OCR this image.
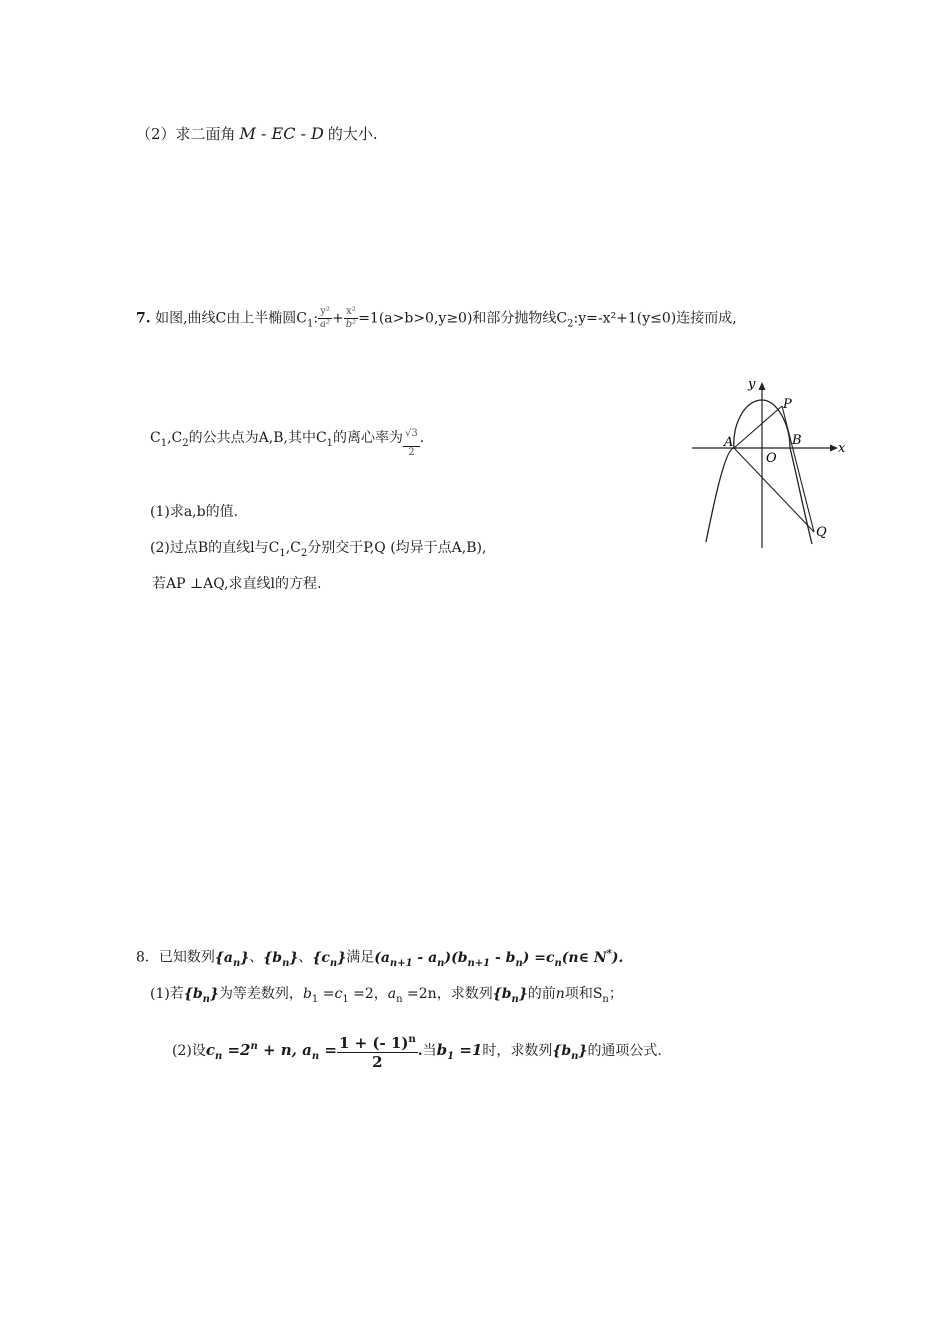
（2）求二面角 M - EC - D 的大小.
7. 如图,曲线C由上半椭圆$C_1$: $\frac{\text{y²}}{\text{a²}} + \frac{\text{x²}}{\text{b²}} =1(a>b>0,y\ge 0)$和部分抛物线$C_2:y=-x^2+1(y\le 0)$连接而成,
$C_1,C_2$的公共点为A,B,其中$C_1$的离心率为 $\frac{√3}{2}$ .
(1)求a,b的值.
(2)过点B的直线l与$C_1,C_2$分别交于P,Q (均异于点A,B),
若AP ⊥AQ,求直线l的方程.
y
x
P
A	B
O
Q
8．已知数列$\{a_n\}$、$\{b_n\}$、$\{c_n\}$满足$(a_{n+1} - a_n)(b_{n+1} - b_n)$ $=c_n(n\in$ N*).
(1)若$\{b_n\}$为等差数列，$b_1 =c_1 =2$，$a_n =2n$，求数列$\{b_n\}$的前n项和$S_n$；
(2)设$c_n =2^n + n$, $a_n = \frac{1 + (- 1)^n}{2}$ .当$b_1 =1$时，求数列$\{b_n\}$的通项公式.
